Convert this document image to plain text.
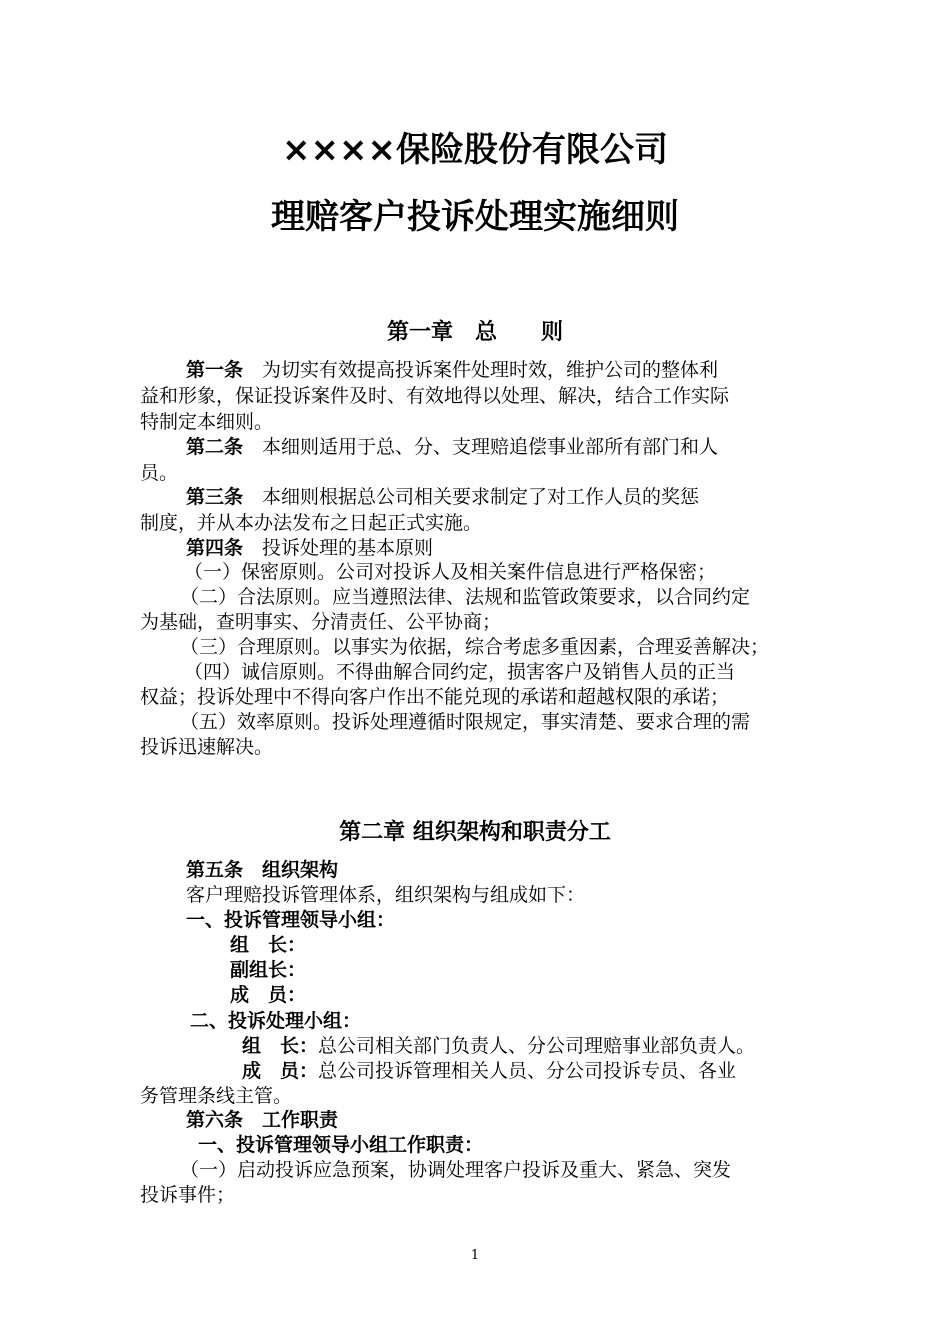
××××保险股份有限公司
理赔客户投诉处理实施细则
第一章　总　　则
第一条  为切实有效提高投诉案件处理时效，维护公司的整体利
益和形象，保证投诉案件及时、有效地得以处理、解决，结合工作实际
特制定本细则。
第二条  本细则适用于总、分、支理赔追偿事业部所有部门和人
员。
第三条  本细则根据总公司相关要求制定了对工作人员的奖惩
制度，并从本办法发布之日起正式实施。
第四条  投诉处理的基本原则
（一）保密原则。公司对投诉人及相关案件信息进行严格保密；
（二）合法原则。应当遵照法律、法规和监管政策要求，以合同约定
为基础，查明事实、分清责任、公平协商；
（三）合理原则。以事实为依据，综合考虑多重因素，合理妥善解决；
（四）诚信原则。不得曲解合同约定，损害客户及销售人员的正当
权益；投诉处理中不得向客户作出不能兑现的承诺和超越权限的承诺；
（五）效率原则。投诉处理遵循时限规定，事实清楚、要求合理的需
投诉迅速解决。
第二章 组织架构和职责分工
第五条　组织架构
客户理赔投诉管理体系，组织架构与组成如下：
一、投诉管理领导小组：
组　长：
副组长：
成　员：
二、投诉处理小组：
组　长：总公司相关部门负责人、分公司理赔事业部负责人。
成　员：总公司投诉管理相关人员、分公司投诉专员、各业
务管理条线主管。
第六条　工作职责
一、投诉管理领导小组工作职责：
（一）启动投诉应急预案，协调处理客户投诉及重大、紧急、突发
投诉事件；
1
